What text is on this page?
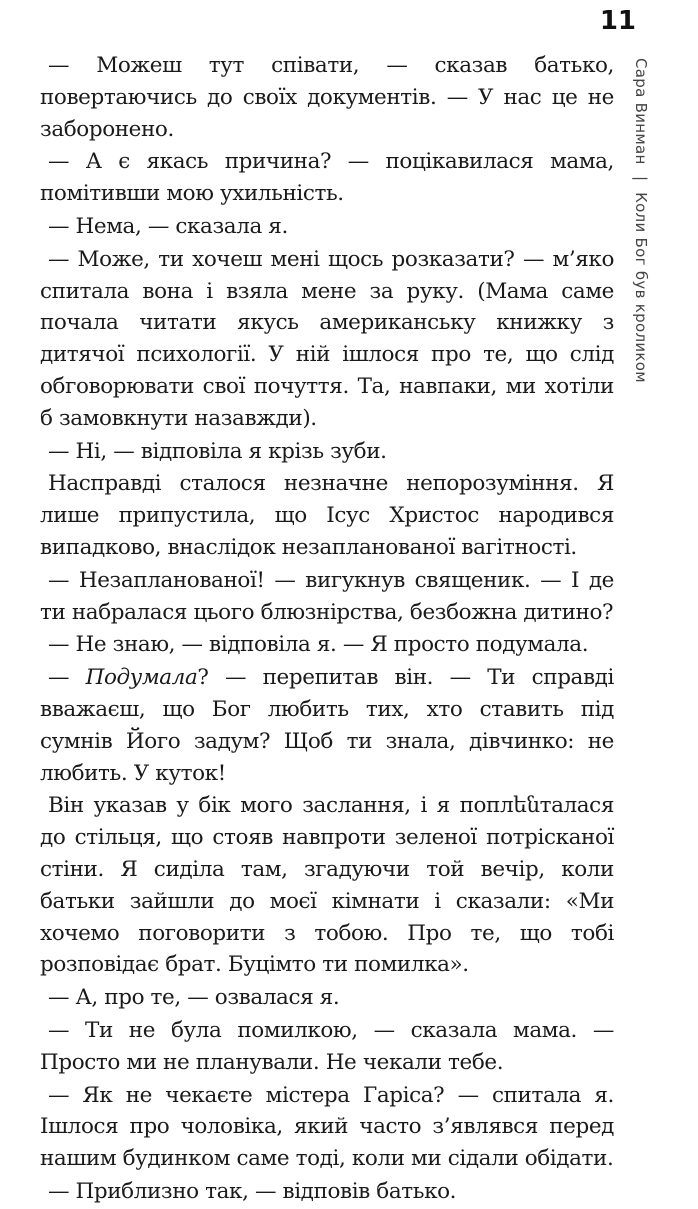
11
Сара Винман | Коли Бог був кроликом

— Можеш тут співати, — сказав батько, повертаючись до своїх документів. — У нас це не заборонено.

— А є якась причина? — поцікавилася мама, помітивши мою ухильність.

— Нема, — сказала я.

— Може, ти хочеш мені щось розказати? — м’яко спитала вона і взяла мене за руку. (Мама саме почала читати якусь американську книжку з дитячої психології. У ній ішлося про те, що слід обговорювати свої почуття. Та, навпаки, ми хотіли б замовкнути назавжди).

— Ні, — відповіла я крізь зуби.

Насправді сталося незначне непорозуміння. Я лише припустила, що Ісус Христос народився випадково, внаслідок незапланованої вагітності.

— Незапланованої! — вигукнув священик. — І де ти набралася цього блюзнірства, безбожна дитино?

— Не знаю, — відповіла я. — Я просто подумала.

— Подумала? — перепитав він. — Ти справді вважаєш, що Бог любить тих, хто ставить під сумнів Його задум? Щоб ти знала, дівчинко: не любить. У куток!

Він указав у бік мого заслання, і я поплենталася до стільця, що стояв навпроти зеленої потрісканої стіни. Я сиділа там, згадуючи той вечір, коли батьки зайшли до моєї кімнати і сказали: «Ми хочемо поговорити з тобою. Про те, що тобі розповідає брат. Буцімто ти помилка».

— А, про те, — озвалася я.

— Ти не була помилкою, — сказала мама. — Просто ми не планували. Не чекали тебе.

— Як не чекаєте містера Гаріса? — спитала я. Ішлося про чоловіка, який часто з’являвся перед нашим будинком саме тоді, коли ми сідали обідати.

— Приблизно так, — відповів батько.
